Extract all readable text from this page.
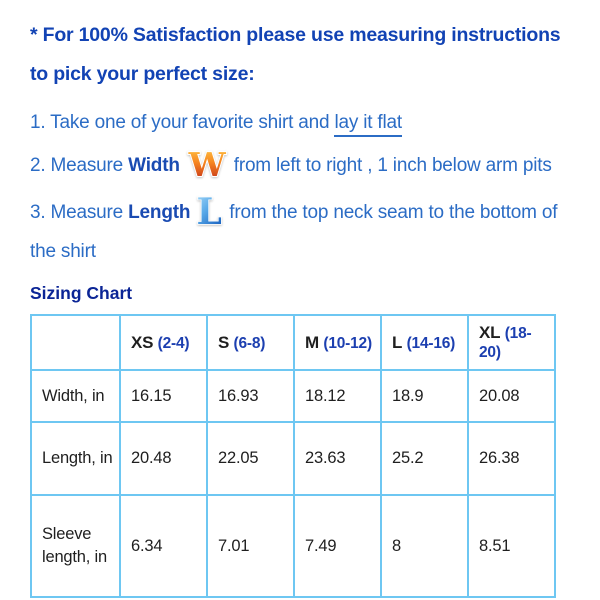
* For 100% Satisfaction please use measuring instructions
to pick your perfect size:
1. Take one of your favorite shirt and lay it flat
2. Measure Width W from left to right , 1 inch below arm pits
3. Measure Length L from the top neck seam to the bottom of the shirt
Sizing Chart
	XS (2-4)	S (6-8)	M (10-12)	L (14-16)	XL (18-20)
Width, in	16.15	16.93	18.12	18.9	20.08
Length, in	20.48	22.05	23.63	25.2	26.38
Sleeve length, in	6.34	7.01	7.49	8	8.51
